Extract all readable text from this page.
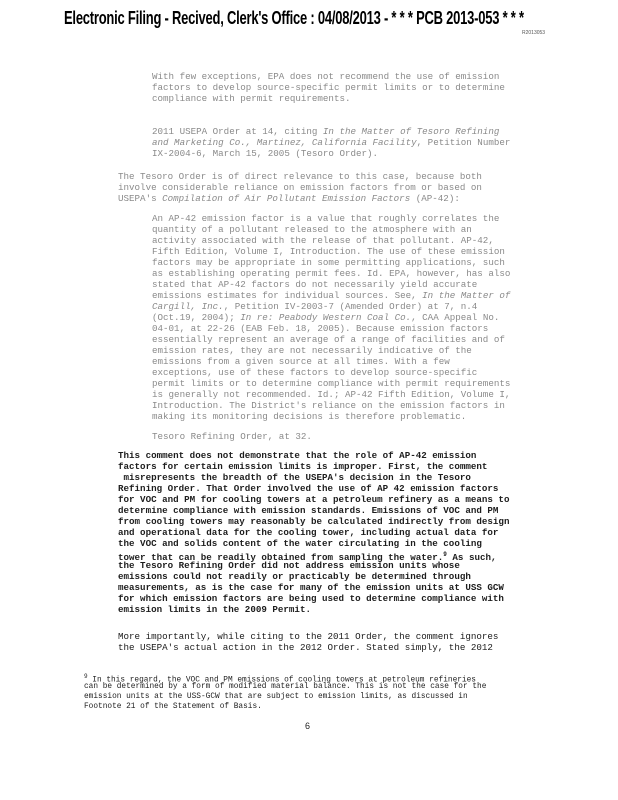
Electronic Filing - Recived, Clerk's Office : 04/08/2013 - * * * PCB 2013-053 * * *
R2013053
With few exceptions, EPA does not recommend the use of emission
factors to develop source-specific permit limits or to determine
compliance with permit requirements.
2011 USEPA Order at 14, citing In the Matter of Tesoro Refining
and Marketing Co., Martinez, California Facility, Petition Number
IX-2004-6, March 15, 2005 (Tesoro Order).
The Tesoro Order is of direct relevance to this case, because both
involve considerable reliance on emission factors from or based on
USEPA's Compilation of Air Pollutant Emission Factors (AP-42):
An AP-42 emission factor is a value that roughly correlates the
quantity of a pollutant released to the atmosphere with an
activity associated with the release of that pollutant. AP-42,
Fifth Edition, Volume I, Introduction. The use of these emission
factors may be appropriate in some permitting applications, such
as establishing operating permit fees. Id. EPA, however, has also
stated that AP-42 factors do not necessarily yield accurate
emissions estimates for individual sources. See, In the Matter of
Cargill, Inc., Petition IV-2003-7 (Amended Order) at 7, n.4
(Oct.19, 2004); In re: Peabody Western Coal Co., CAA Appeal No.
04-01, at 22-26 (EAB Feb. 18, 2005). Because emission factors
essentially represent an average of a range of facilities and of
emission rates, they are not necessarily indicative of the
emissions from a given source at all times. With a few
exceptions, use of these factors to develop source-specific
permit limits or to determine compliance with permit requirements
is generally not recommended. Id.; AP-42 Fifth Edition, Volume I,
Introduction. The District's reliance on the emission factors in
making its monitoring decisions is therefore problematic.
Tesoro Refining Order, at 32.
This comment does not demonstrate that the role of AP-42 emission
factors for certain emission limits is improper. First, the comment
misrepresents the breadth of the USEPA's decision in the Tesoro
Refining Order. That Order involved the use of AP 42 emission factors
for VOC and PM for cooling towers at a petroleum refinery as a means to
determine compliance with emission standards. Emissions of VOC and PM
from cooling towers may reasonably be calculated indirectly from design
and operational data for the cooling tower, including actual data for
the VOC and solids content of the water circulating in the cooling
tower that can be readily obtained from sampling the water.$^9$ As such,
the Tesoro Refining Order did not address emission units whose
emissions could not readily or practicably be determined through
measurements, as is the case for many of the emission units at USS GCW
for which emission factors are being used to determine compliance with
emission limits in the 2009 Permit.
More importantly, while citing to the 2011 Order, the comment ignores
the USEPA's actual action in the 2012 Order. Stated simply, the 2012
$^9$ In this regard, the VOC and PM emissions of cooling towers at petroleum refineries
can be determined by a form of modified material balance. This is not the case for the
emission units at the USS-GCW that are subject to emission limits, as discussed in
Footnote 21 of the Statement of Basis.
6
